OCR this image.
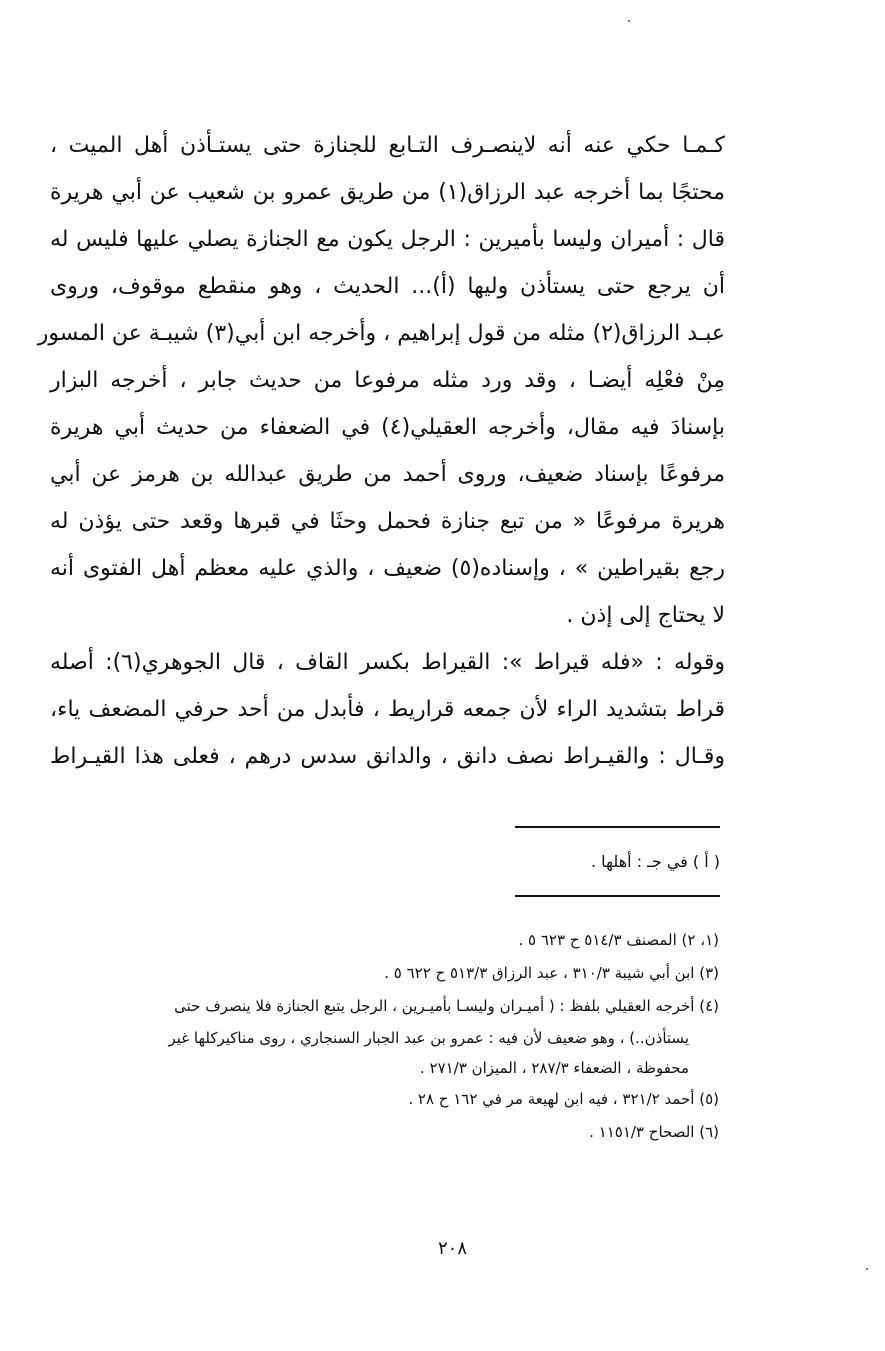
كـمـا حكي عنه أنه لاينصـرف التـابع للجنازة حتى يستـأذن أهل الميت ،
محتجًا بما أخرجه عبد الرزاق(١) من طريق عمرو بن شعيب عن أبي هريرة
قال : أميران وليسا بأميرين : الرجل يكون مع الجنازة يصلي عليها فليس له
أن يرجع حتى يستأذن وليها (أ)... الحديث ، وهو منقطع موقوف، وروى
عبـد الرزاق(٢) مثله من قول إبراهيم ، وأخرجه ابن أبي(٣) شيبـة عن المسور
مِنْ فعْلِه أيضـا ، وقد ورد مثله مرفوعا من حديث جابر ، أخرجه البزار
بإسنادَ فيه مقال، وأخرجه العقيلي(٤) في الضعفاء من حديث أبي هريرة
مرفوعًا بإسناد ضعيف، وروى أحمد من طريق عبدالله بن هرمز عن أبي
هريرة مرفوعًا « من تبع جنازة فحمل وحثَا في قبرها وقعد حتى يؤذن له
رجع بقيراطين » ، وإسناده(٥) ضعيف ، والذي عليه معظم أهل الفتوى أنه
لا يحتاج إلى إذن .
وقوله : «فله قيراط »: القيراط بكسر القاف ، قال الجوهري(٦): أصله
قراط بتشديد الراء لأن جمعه قراريط ، فأبدل من أحد حرفي المضعف ياء،
وقـال : والقيـراط نصف دانق ، والدانق سدس درهم ، فعلى هذا القيـراط
( أ ) في جـ : أهلها .
(١، ٢) المصنف ٥١٤/٣ ح ٦٢٣ ٥ .
(٣) ابن أبي شيبة ٣١٠/٣ ، عبد الرزاق ٥١٣/٣ ح ٦٢٢ ٥ .
(٤) أخرجه العقيلي بلفظ : ( أميـران وليسـا بأميـرين ، الرجل يتبع الجنازة فلا ينصرف حتى
يستأذن..) ، وهو ضعيف لأن فيه : عمرو بن عبد الجبار السنجاري ، روى مناكيركلها غير
محفوظة ، الضعفاء ٢٨٧/٣ ، الميزان ٢٧١/٣ .
(٥) أحمد ٣٢١/٢ ، فيه ابن لهيعة مر في ١٦٢ ح ٢٨ .
(٦) الصحاح ١١٥١/٣ .
٢٠٨
